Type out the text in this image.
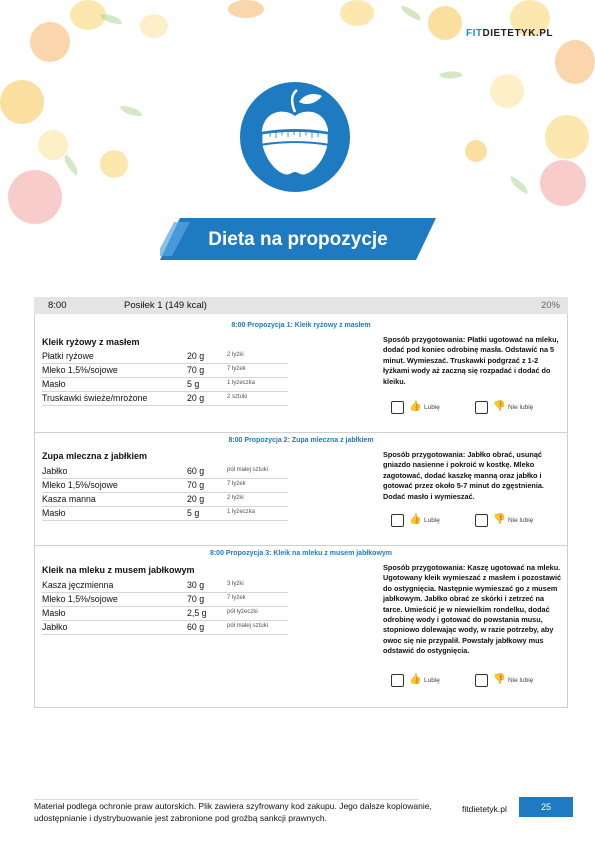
FITDIETETYK.PL
Dieta na propozycje
8:00	Posiłek 1 (149 kcal)	20%
8:00 Propozycja 1: Kleik ryżowy z masłem
Kleik ryżowy z masłem
Płatki ryżowe	20 g	2 łyżki
Mleko 1,5%/sojowe	70 g	7 łyżek
Masło	5 g	1 łyżeczka
Truskawki świeże/mrożone	20 g	2 sztuki
Sposób przygotowania: Płatki ugotować na mleku, dodać pod koniec odrobinę masła. Odstawić na 5 minut. Wymieszać. Truskawki podgrzać z 1-2 łyżkami wody aż zaczną się rozpadać i dodać do kleiku.
👍 Lubię	👎 Nie lubię
8:00 Propozycja 2: Zupa mleczna z jabłkiem
Zupa mleczna z jabłkiem
Jabłko	60 g	pół małej sztuki
Mleko 1,5%/sojowe	70 g	7 łyżek
Kasza manna	20 g	2 łyżki
Masło	5 g	1 łyżeczka
Sposób przygotowania: Jabłko obrać, usunąć gniazdo nasienne i pokroić w kostkę. Mleko zagotować, dodać kaszkę manną oraz jabłko i gotować przez około 5-7 minut do zgęstnienia. Dodać masło i wymieszać.
👍 Lubię	👎 Nie lubię
8:00 Propozycja 3: Kleik na mleku z musem jabłkowym
Kleik na mleku z musem jabłkowym
Kasza jęczmienna	30 g	3 łyżki
Mleko 1,5%/sojowe	70 g	7 łyżek
Masło	2,5 g	pół łyżeczki
Jabłko	60 g	pół małej sztuki
Sposób przygotowania: Kaszę ugotować na mleku. Ugotowany kleik wymieszać z masłem i pozostawić do ostygnięcia. Następnie wymieszać go z musem jabłkowym. Jabłko obrać ze skórki i zetrzeć na tarce. Umieścić je w niewielkim rondelku, dodać odrobinę wody i gotować do powstania musu, stopniowo dolewając wody, w razie potrzeby, aby owoc się nie przypalił. Powstały jabłkowy mus odstawić do ostygnięcia.
👍 Lubię	👎 Nie lubię
Materiał podlega ochronie praw autorskich. Plik zawiera szyfrowany kod zakupu. Jego dalsze kopiowanie, udostępnianie i dystrybuowanie jest zabronione pod groźbą sankcji prawnych.
fitdietetyk.pl	25
